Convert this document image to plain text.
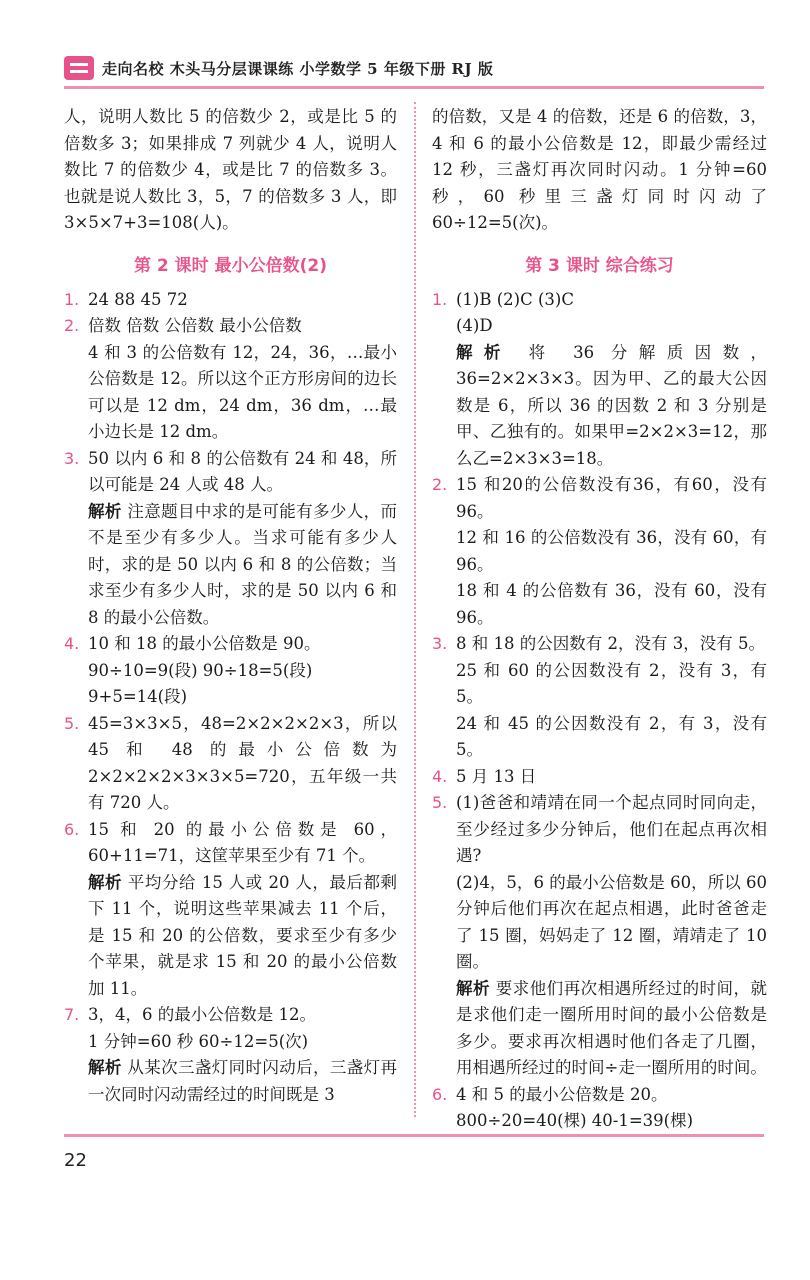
走向名校 木头马分层课课练 小学数学 5 年级下册 RJ 版

人，说明人数比 5 的倍数少 2，或是比 5 的倍数多 3；如果排成 7 列就少 4 人，说明人数比 7 的倍数少 4，或是比 7 的倍数多 3。也就是说人数比 3，5，7 的倍数多 3 人，即 3×5×7+3=108(人)。

第 2 课时 最小公倍数(2)
1. 24 88 45 72

2. 倍数 倍数 公倍数 最小公倍数

4 和 3 的公倍数有 12，24，36，…最小公倍数是 12。所以这个正方形房间的边长可以是 12 dm，24 dm，36 dm，…最小边长是 12 dm。

3. 50 以内 6 和 8 的公倍数有 24 和 48，所以可能是 24 人或 48 人。

解析 注意题目中求的是可能有多少人，而不是至少有多少人。当求可能有多少人时，求的是 50 以内 6 和 8 的公倍数；当求至少有多少人时，求的是 50 以内 6 和 8 的最小公倍数。

4. 10 和 18 的最小公倍数是 90。

90÷10=9(段) 90÷18=5(段)

9+5=14(段)

5. 45=3×3×5，48=2×2×2×2×3，所以 45 和 48 的最小公倍数为 2×2×2×2×3×3×5=720，五年级一共有 720 人。

6. 15 和 20 的最小公倍数是 60，60+11=71，这筐苹果至少有 71 个。

解析 平均分给 15 人或 20 人，最后都剩下 11 个，说明这些苹果减去 11 个后，是 15 和 20 的公倍数，要求至少有多少个苹果，就是求 15 和 20 的最小公倍数加 11。

7. 3，4，6 的最小公倍数是 12。

1 分钟=60 秒 60÷12=5(次)

解析 从某次三盏灯同时闪动后，三盏灯再一次同时闪动需经过的时间既是 3

的倍数，又是 4 的倍数，还是 6 的倍数，3，4 和 6 的最小公倍数是 12，即最少需经过 12 秒，三盏灯再次同时闪动。1 分钟=60 秒，60 秒里三盏灯同时闪动了 60÷12=5(次)。

第 3 课时 综合练习
1. (1)B (2)C (3)C

(4)D

解析 将 36 分解质因数，36=2×2×3×3。因为甲、乙的最大公因数是 6，所以 36 的因数 2 和 3 分别是甲、乙独有的。如果甲=2×2×3=12，那么乙=2×3×3=18。

2. 15 和20的公倍数没有36，有60，没有 96。

12 和 16 的公倍数没有 36，没有 60，有 96。

18 和 4 的公倍数有 36，没有 60，没有 96。

3. 8 和 18 的公因数有 2，没有 3，没有 5。

25 和 60 的公因数没有 2，没有 3，有 5。

24 和 45 的公因数没有 2，有 3，没有 5。

4. 5 月 13 日

5. (1)爸爸和靖靖在同一个起点同时同向走，至少经过多少分钟后，他们在起点再次相遇?

(2)4，5，6 的最小公倍数是 60，所以 60 分钟后他们再次在起点相遇，此时爸爸走了 15 圈，妈妈走了 12 圈，靖靖走了 10 圈。

解析 要求他们再次相遇所经过的时间，就是求他们走一圈所用时间的最小公倍数是多少。要求再次相遇时他们各走了几圈，用相遇所经过的时间÷走一圈所用的时间。

6. 4 和 5 的最小公倍数是 20。

800÷20=40(棵) 40-1=39(棵)

22
